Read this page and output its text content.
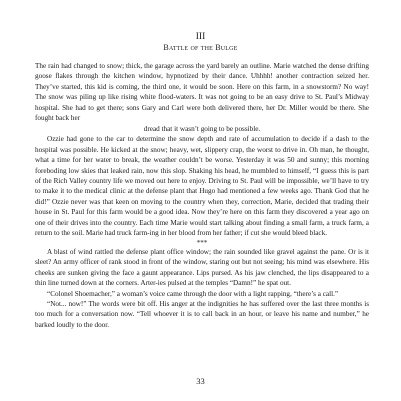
III
Battle of the Bulge

The rain had changed to snow; thick, the garage across the yard barely an outline. Marie watched the dense drifting goose flakes through the kitchen window, hypnotized by their dance. Uhhhh! another contraction seized her. They’ve started, this kid is coming, the third one, it would be soon. Here on this farm, in a snowstorm? No way! The snow was piling up like rising white flood-waters. It was not going to be an easy drive to St. Paul’s Midway hospital. She had to get there; sons Gary and Carl were both delivered there, her Dr. Miller would be there. She fought back her

dread that it wasn’t going to be possible.

Ozzie had gone to the car to determine the snow depth and rate of accumulation to decide if a dash to the hospital was possible. He kicked at the snow; heavy, wet, slippery crap, the worst to drive in. Oh man, he thought, what a time for her water to break, the weather couldn’t be worse. Yesterday it was 50 and sunny; this morning foreboding low skies that leaked rain, now this slop. Shaking his head, he mumbled to himself, “I guess this is part of the Rich Valley country life we moved out here to enjoy. Driving to St. Paul will be impossible, we’ll have to try to make it to the medical clinic at the defense plant that Hugo had mentioned a few weeks ago. Thank God that he did!” Ozzie never was that keen on moving to the country when they, correction, Marie, decided that trading their house in St. Paul for this farm would be a good idea. Now they’re here on this farm they discovered a year ago on one of their drives into the country. Each time Marie would start talking about finding a small farm, a truck farm, a return to the soil. Marie had truck farm-ing in her blood from her father; if cut she would bleed black.

***

A blast of wind rattled the defense plant office window; the rain sounded like gravel against the pane. Or is it sleet? An army officer of rank stood in front of the window, staring out but not seeing; his mind was elsewhere. His cheeks are sunken giving the face a gaunt appearance. Lips pursed. As his jaw clenched, the lips disappeared to a thin line turned down at the corners. Arter-ies pulsed at the temples “Damn!” he spat out.

“Colonel Shoemacher,” a woman’s voice came through the door with a light rapping, “there’s a call.”

“Not... now!” The words were bit off. His anger at the indignities he has suffered over the last three months is too much for a conversation now. “Tell whoever it is to call back in an hour, or leave his name and number,” he barked loudly to the door.

33
